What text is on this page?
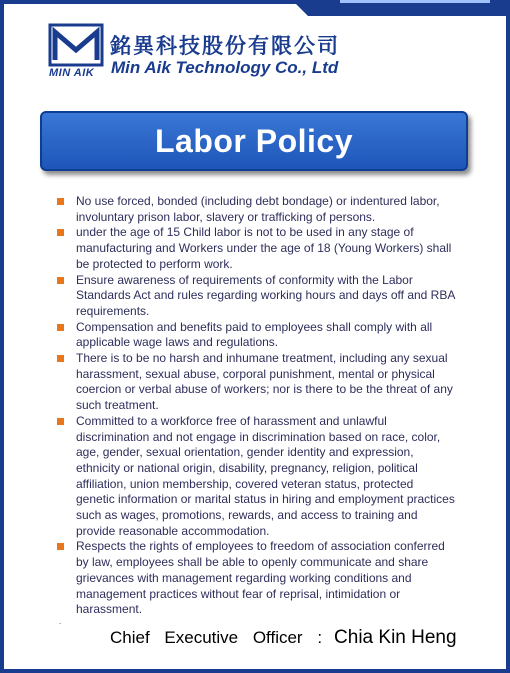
MIN AIK
銘異科技股份有限公司
Min Aik Technology Co., Ltd
Labor Policy
No use forced, bonded (including debt bondage) or indentured labor, involuntary prison labor, slavery or trafficking of persons.
under the age of 15 Child labor is not to be used in any stage of manufacturing and Workers under the age of 18 (Young Workers) shall be protected to perform work.
Ensure awareness of requirements of conformity with the Labor Standards Act and rules regarding working hours and days off and RBA requirements.
Compensation and benefits paid to employees shall comply with all applicable wage laws and regulations.
There is to be no harsh and inhumane treatment, including any sexual harassment, sexual abuse, corporal punishment, mental or physical coercion or verbal abuse of workers; nor is there to be the threat of any such treatment.
Committed to a workforce free of harassment and unlawful discrimination and not engage in discrimination based on race, color, age, gender, sexual orientation, gender identity and expression, ethnicity or national origin, disability, pregnancy, religion, political affiliation, union membership, covered veteran status, protected genetic information or marital status in hiring and employment practices such as wages, promotions, rewards, and access to training and provide reasonable accommodation.
Respects the rights of employees to freedom of association conferred by law, employees shall be able to openly communicate and share grievances with management regarding working conditions and management practices without fear of reprisal, intimidation or harassment.
.
Chief Executive Officer : Chia Kin Heng
